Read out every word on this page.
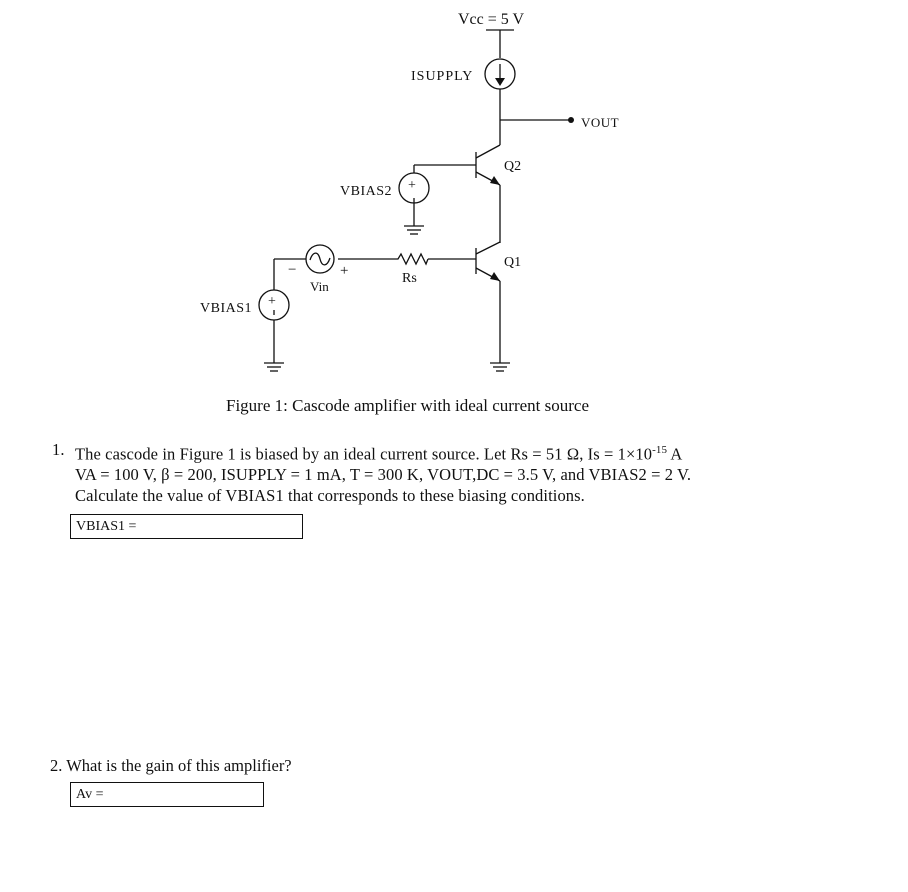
Vcc = 5 V
ISUPPLY
VOUT
Q2
+
VBIAS2
Q1
Rs
+
−
Vin
+
VBIAS1
Figure 1: Cascode amplifier with ideal current source
1. The cascode in Figure 1 is biased by an ideal current source. Let Rs = 51 Ω, $Is = 1\times 10^{-15}$ A
VA = 100 V, β = 200, ISUPPLY = 1 mA, T = 300 K, VOUT,DC = 3.5 V, and VBIAS2 = 2 V.
Calculate the value of VBIAS1 that corresponds to these biasing conditions.
VBIAS1 =
2. What is the gain of this amplifier?
Av =
